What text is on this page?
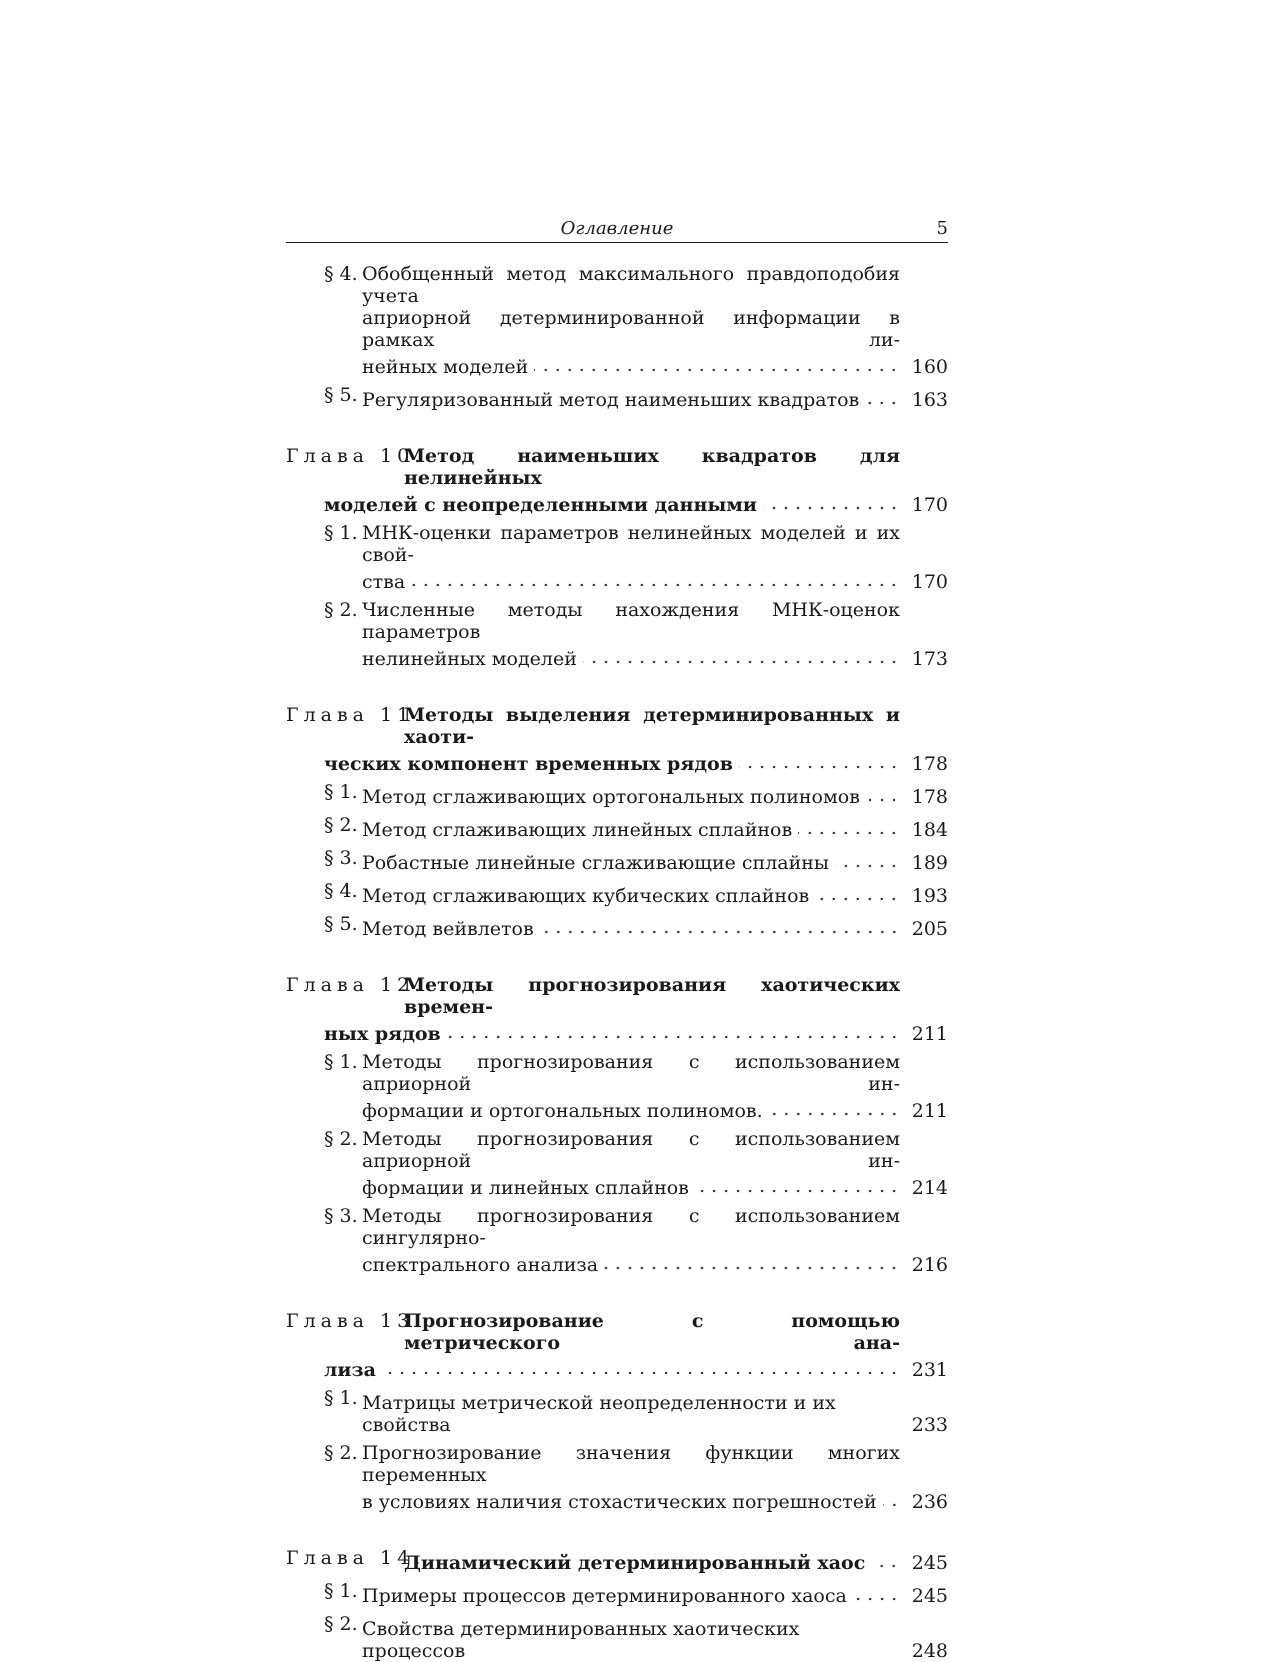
Оглавление	5
§ 4. Обобщенный метод максимального правдоподобия учета
априорной детерминированной информации в рамках ли-
нейных моделей	160
§ 5. Регуляризованный метод наименьших квадратов	163
Глава 10.
Метод наименьших квадратов для нелинейных
моделей с неопределенными данными	170
§ 1. МНК-оценки параметров нелинейных моделей и их свой-
ства	170
§ 2. Численные методы нахождения МНК-оценок параметров
нелинейных моделей	173
Глава 11.
Методы выделения детерминированных и хаоти-
ческих компонент временных рядов	178
§ 1. Метод сглаживающих ортогональных полиномов	178
§ 2. Метод сглаживающих линейных сплайнов	184
§ 3. Робастные линейные сглаживающие сплайны	189
§ 4. Метод сглаживающих кубических сплайнов	193
§ 5. Метод вейвлетов	205
Глава 12.
Методы прогнозирования хаотических времен-
ных рядов	211
§ 1. Методы прогнозирования с использованием априорной ин-
формации и ортогональных полиномов.	211
§ 2. Методы прогнозирования с использованием априорной ин-
формации и линейных сплайнов	214
§ 3. Методы прогнозирования с использованием сингулярно-
спектрального анализа	216
Глава 13.
Прогнозирование с помощью метрического ана-
лиза	231
§ 1. Матрицы метрической неопределенности и их свойства	233
§ 2. Прогнозирование значения функции многих переменных
в условиях наличия стохастических погрешностей	236
Глава 14.
Динамический детерминированный хаос	245
§ 1. Примеры процессов детерминированного хаоса	245
§ 2. Свойства детерминированных хаотических процессов	248
